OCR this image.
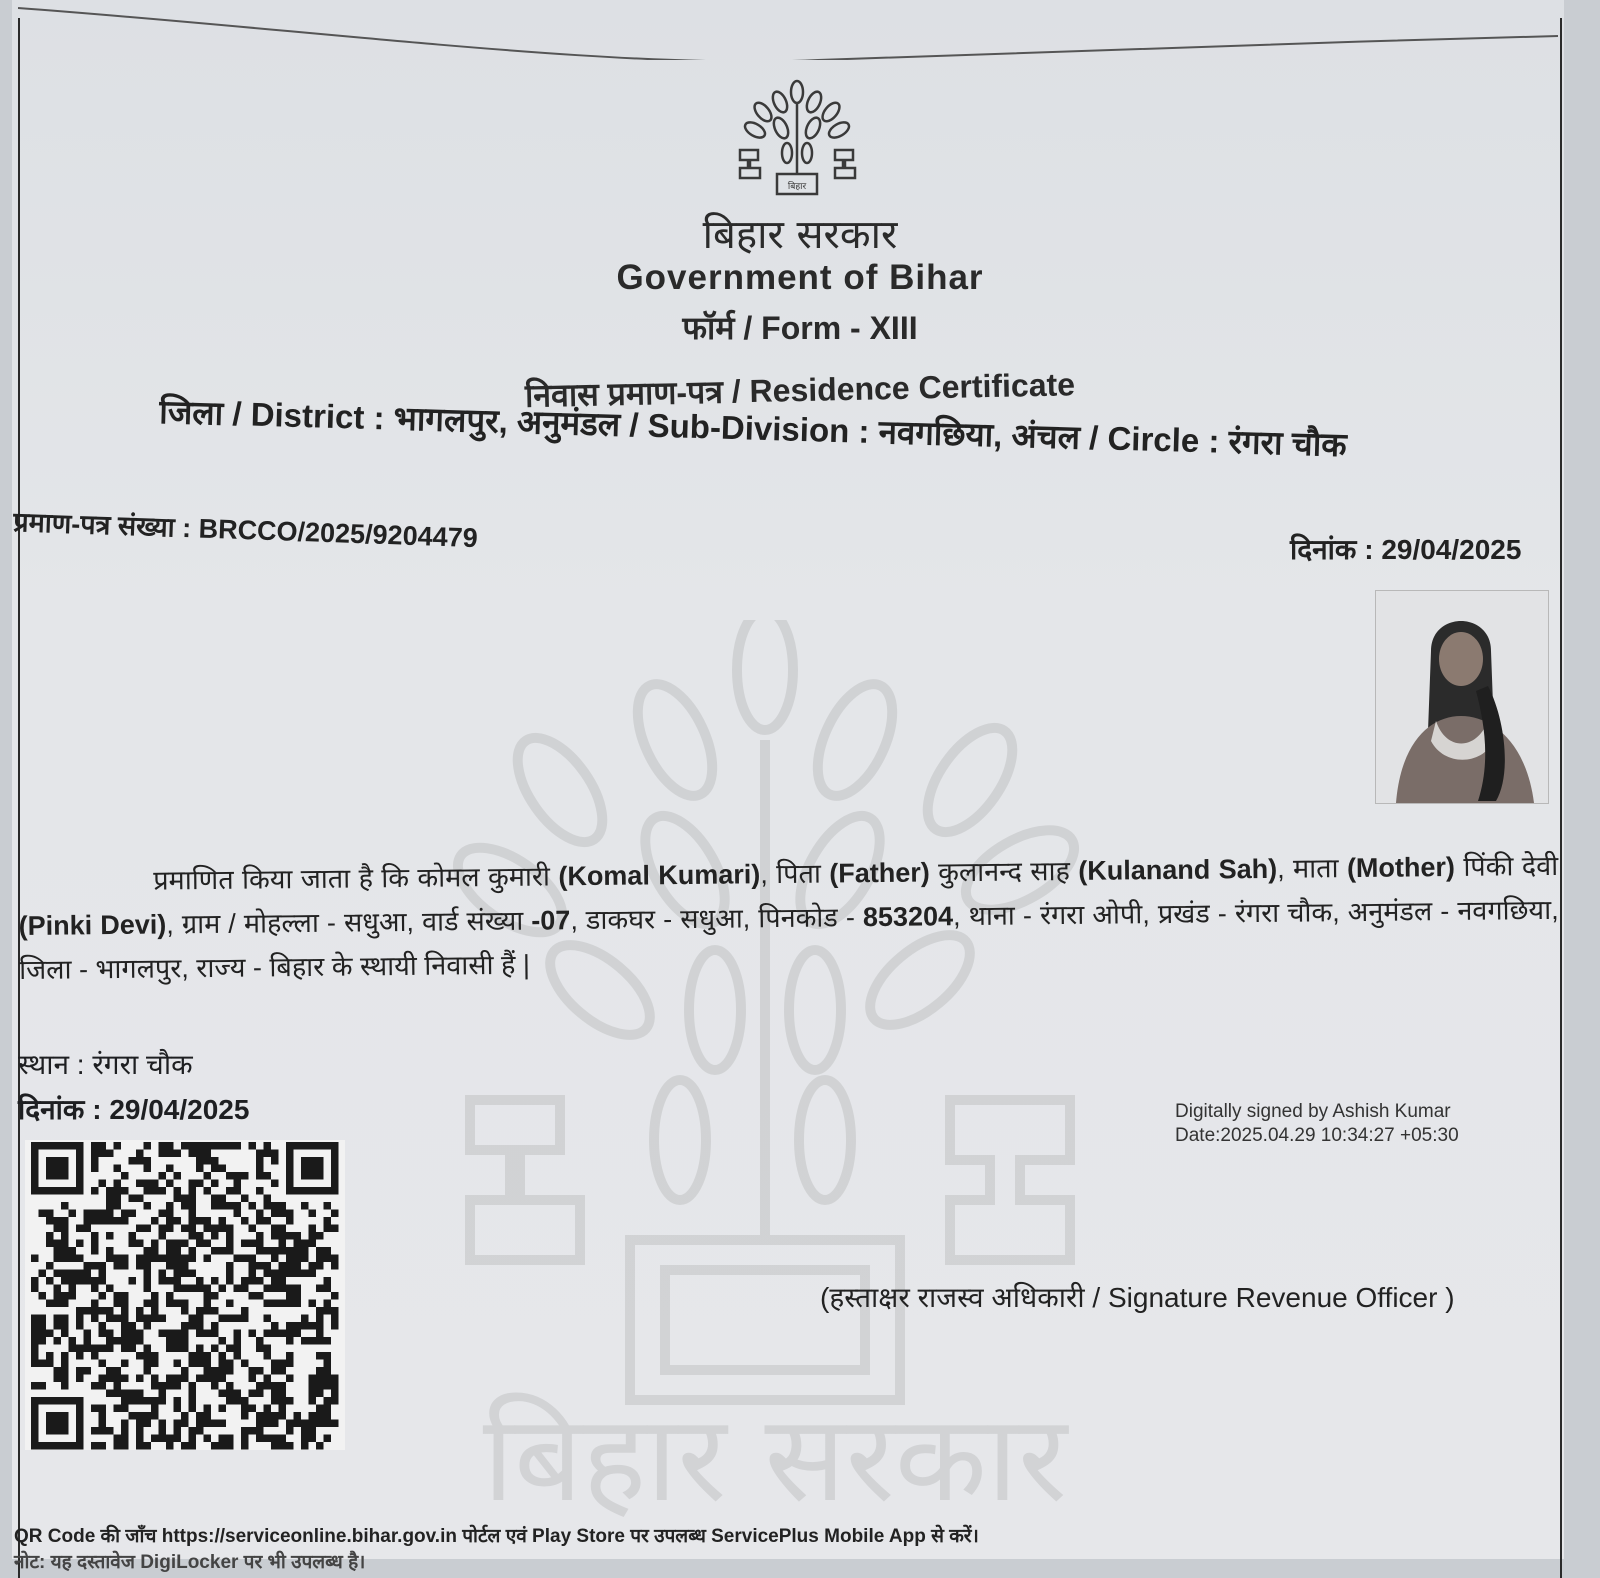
बिहार सरकार
बिहार
बिहार सरकार
Government of Bihar
फॉर्म / Form - XIII
निवास प्रमाण-पत्र / Residence Certificate
जिला / District : भागलपुर, अनुमंडल / Sub-Division : नवगछिया, अंचल / Circle : रंगरा चौक
प्रमाण-पत्र संख्या : BRCCO/2025/9204479	दिनांक : 29/04/2025
प्रमाणित किया जाता है कि कोमल कुमारी (Komal Kumari), पिता (Father) कुलानन्द साह (Kulanand Sah), माता (Mother) पिंकी देवी (Pinki Devi), ग्राम / मोहल्ला - सधुआ, वार्ड संख्या -07, डाकघर - सधुआ, पिनकोड - 853204, थाना - रंगरा ओपी, प्रखंड - रंगरा चौक, अनुमंडल - नवगछिया, जिला - भागलपुर, राज्य - बिहार के स्थायी निवासी हैं |
स्थान : रंगरा चौक
दिनांक : 29/04/2025	Digitally signed by Ashish Kumar
Date:2025.04.29 10:34:27 +05:30
(हस्ताक्षर राजस्व अधिकारी / Signature Revenue Officer )
QR Code की जाँच https://serviceonline.bihar.gov.in पोर्टल एवं Play Store पर उपलब्ध ServicePlus Mobile App से करें।
नोट: यह दस्तावेज DigiLocker पर भी उपलब्ध है।
